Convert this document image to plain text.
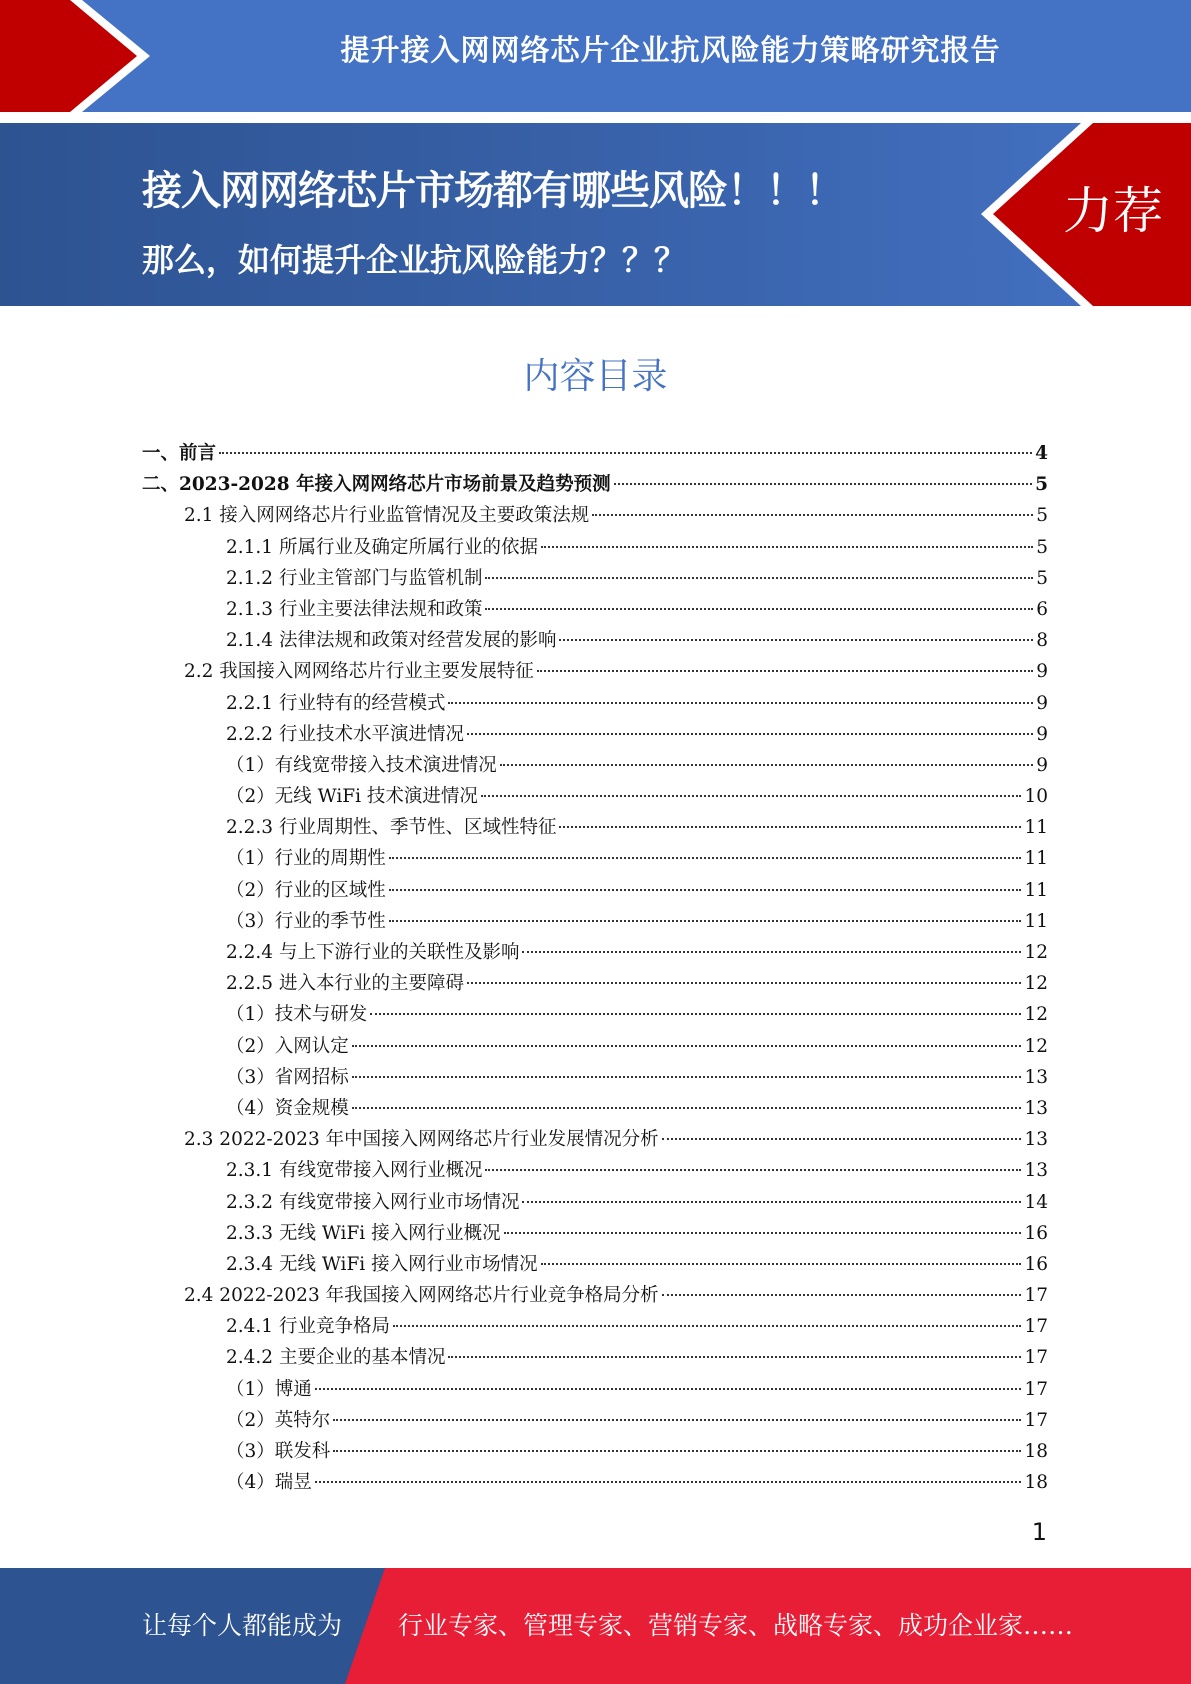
提升接入网网络芯片企业抗风险能力策略研究报告
接入网网络芯片市场都有哪些风险！！！
那么，如何提升企业抗风险能力？？？
力荐
内容目录
一、前言	4
二、2023-2028 年接入网网络芯片市场前景及趋势预测	5
2.1 接入网网络芯片行业监管情况及主要政策法规	5
2.1.1 所属行业及确定所属行业的依据	5
2.1.2 行业主管部门与监管机制	5
2.1.3 行业主要法律法规和政策	6
2.1.4 法律法规和政策对经营发展的影响	8
2.2 我国接入网网络芯片行业主要发展特征	9
2.2.1 行业特有的经营模式	9
2.2.2 行业技术水平演进情况	9
（1）有线宽带接入技术演进情况	9
（2）无线 WiFi 技术演进情况	10
2.2.3 行业周期性、季节性、区域性特征	11
（1）行业的周期性	11
（2）行业的区域性	11
（3）行业的季节性	11
2.2.4 与上下游行业的关联性及影响	12
2.2.5 进入本行业的主要障碍	12
（1）技术与研发	12
（2）入网认定	12
（3）省网招标	13
（4）资金规模	13
2.3 2022-2023 年中国接入网网络芯片行业发展情况分析	13
2.3.1 有线宽带接入网行业概况	13
2.3.2 有线宽带接入网行业市场情况	14
2.3.3 无线 WiFi 接入网行业概况	16
2.3.4 无线 WiFi 接入网行业市场情况	16
2.4 2022-2023 年我国接入网网络芯片行业竞争格局分析	17
2.4.1 行业竞争格局	17
2.4.2 主要企业的基本情况	17
（1）博通	17
（2）英特尔	17
（3）联发科	18
（4）瑞昱	18
1
让每个人都能成为 行业专家、管理专家、营销专家、战略专家、成功企业家……
